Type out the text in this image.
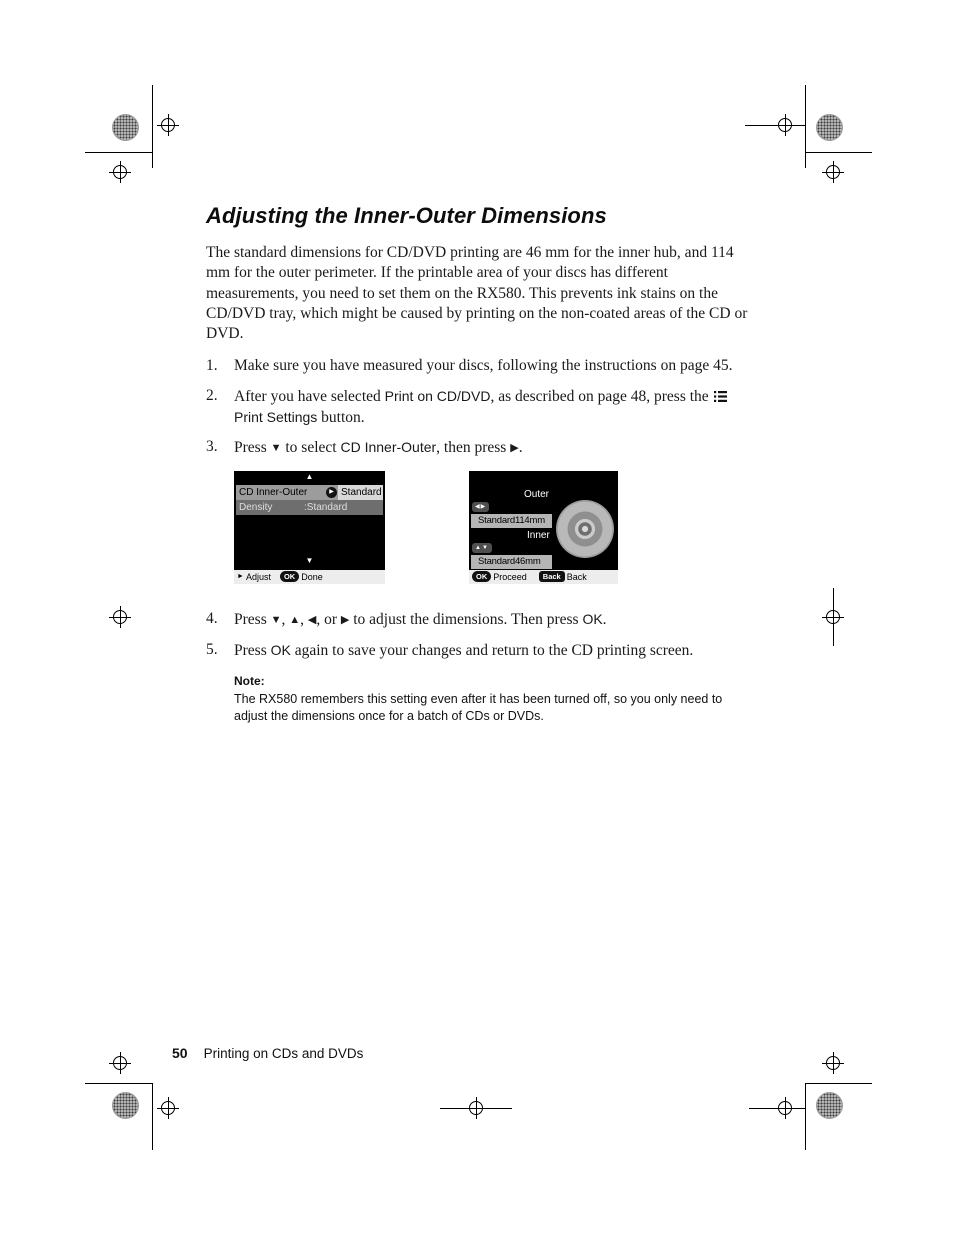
Adjusting the Inner-Outer Dimensions

The standard dimensions for CD/DVD printing are 46 mm for the inner hub, and 114 mm for the outer perimeter. If the printable area of your discs has different measurements, you need to set them on the RX580. This prevents ink stains on the CD/DVD tray, which might be caused by printing on the non-coated areas of the CD or DVD.

1.	Make sure you have measured your discs, following the instructions on page 45.
2.	After you have selected Print on CD/DVD, as described on page 48, press the Print Settings button.
3.	Press ▼ to select CD Inner-Outer, then press ▶.
▲
CD Inner-Outer	▶ Standard
Density	:Standard
▼
► Adjust	OK Done
Outer
◀▶
Standard114mm
Inner
▲▼
Standard46mm
OK Proceed	Back Back
4.	Press ▼, ▲, ◀, or ▶ to adjust the dimensions. Then press OK.
5.	Press OK again to save your changes and return to the CD printing screen.
Note:

The RX580 remembers this setting even after it has been turned off, so you only need to adjust the dimensions once for a batch of CDs or DVDs.

50 Printing on CDs and DVDs
